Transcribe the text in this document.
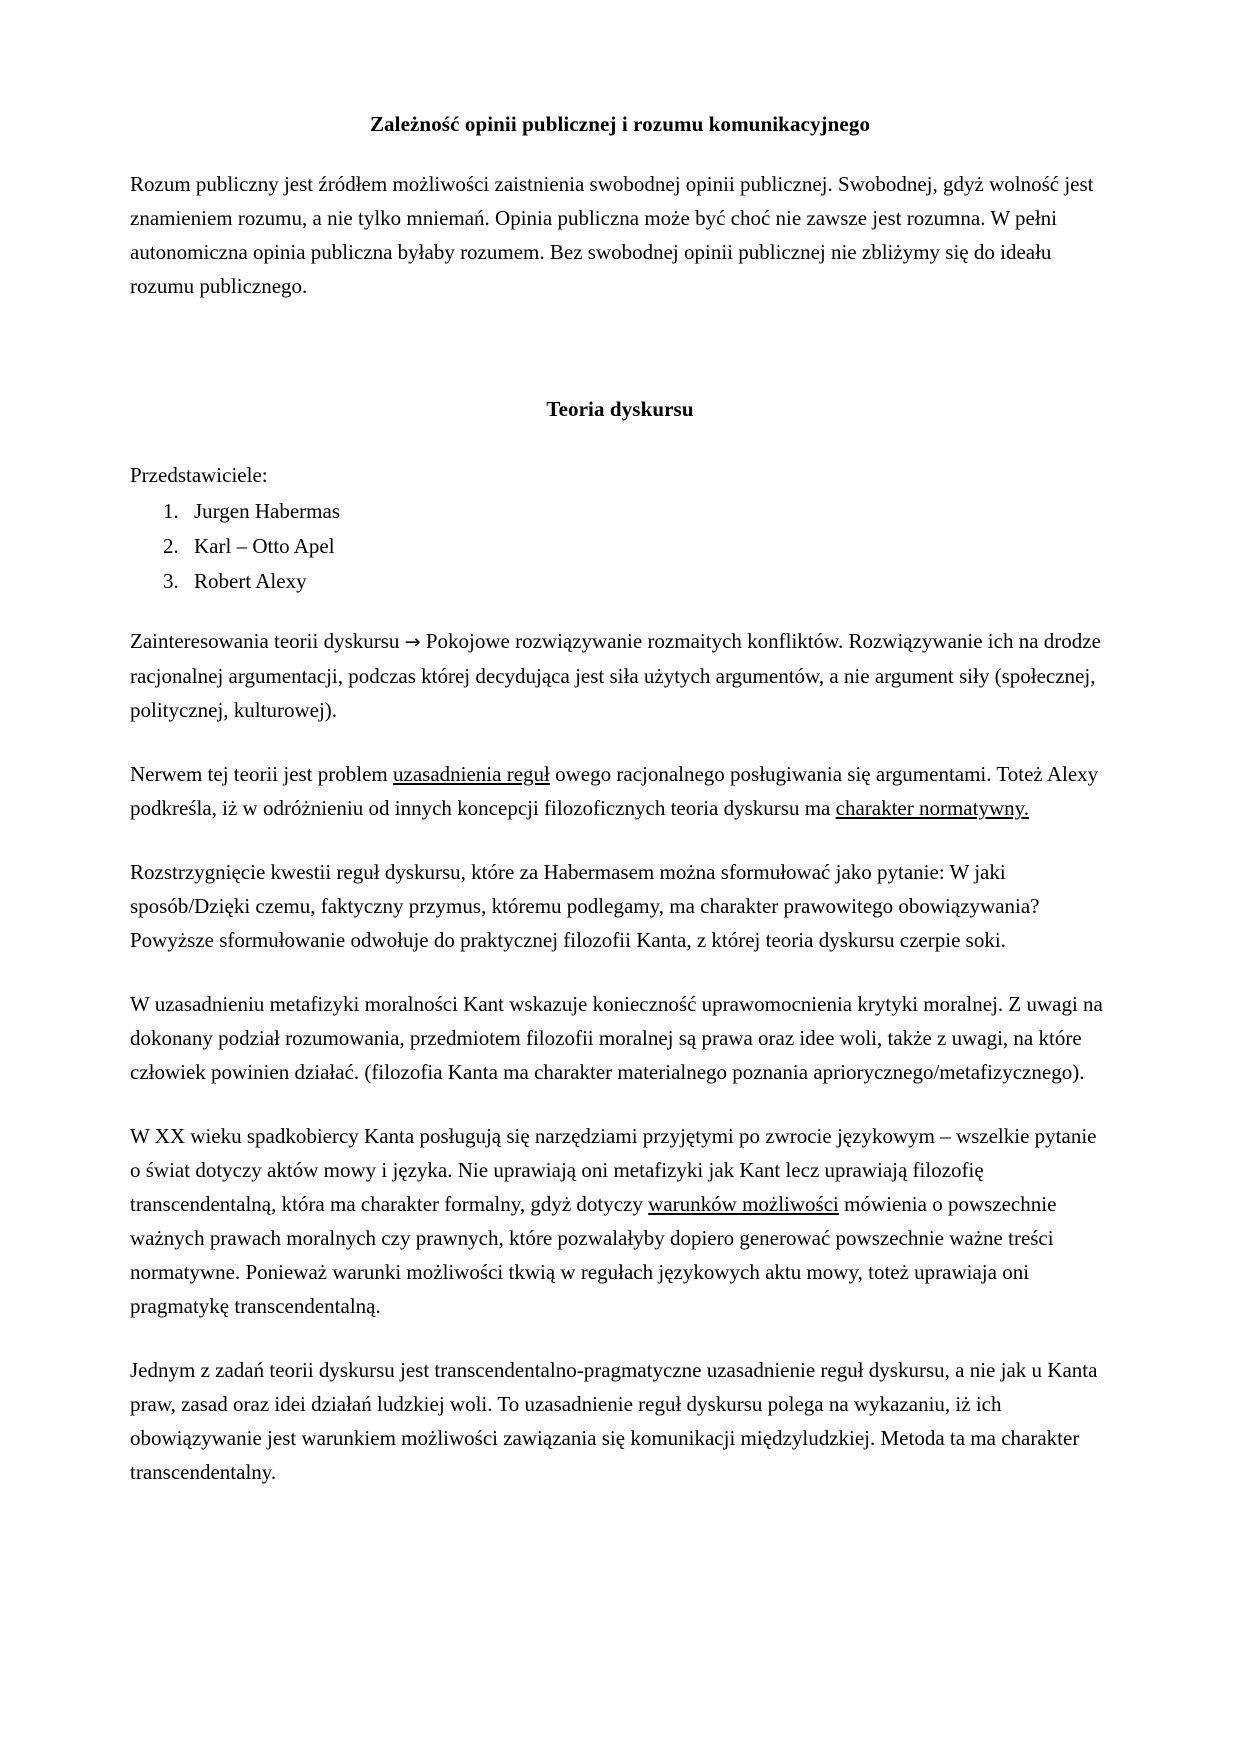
Zależność opinii publicznej i rozumu komunikacyjnego

Rozum publiczny jest źródłem możliwości zaistnienia swobodnej opinii publicznej. Swobodnej, gdyż wolność jest znamieniem rozumu, a nie tylko mniemań. Opinia publiczna może być choć nie zawsze jest rozumna. W pełni autonomiczna opinia publiczna byłaby rozumem. Bez swobodnej opinii publicznej nie zbliżymy się do ideału rozumu publicznego.

Teoria dyskursu

Przedstawiciele:

1. Jurgen Habermas
2. Karl – Otto Apel
3. Robert Alexy

Zainteresowania teorii dyskursu → Pokojowe rozwiązywanie rozmaitych konfliktów. Rozwiązywanie ich na drodze racjonalnej argumentacji, podczas której decydująca jest siła użytych argumentów, a nie argument siły (społecznej, politycznej, kulturowej).

Nerwem tej teorii jest problem uzasadnienia reguł owego racjonalnego posługiwania się argumentami. Toteż Alexy podkreśla, iż w odróżnieniu od innych koncepcji filozoficznych teoria dyskursu ma charakter normatywny.

Rozstrzygnięcie kwestii reguł dyskursu, które za Habermasem można sformułować jako pytanie: W jaki sposób/Dzięki czemu, faktyczny przymus, któremu podlegamy, ma charakter prawowitego obowiązywania? Powyższe sformułowanie odwołuje do praktycznej filozofii Kanta, z której teoria dyskursu czerpie soki.

W uzasadnieniu metafizyki moralności Kant wskazuje konieczność uprawomocnienia krytyki moralnej. Z uwagi na dokonany podział rozumowania, przedmiotem filozofii moralnej są prawa oraz idee woli, także z uwagi, na które człowiek powinien działać. (filozofia Kanta ma charakter materialnego poznania apriorycznego/metafizycznego).

W XX wieku spadkobiercy Kanta posługują się narzędziami przyjętymi po zwrocie językowym – wszelkie pytanie o świat dotyczy aktów mowy i języka. Nie uprawiają oni metafizyki jak Kant lecz uprawiają filozofię transcendentalną, która ma charakter formalny, gdyż dotyczy warunków możliwości mówienia o powszechnie ważnych prawach moralnych czy prawnych, które pozwalałyby dopiero generować powszechnie ważne treści normatywne. Ponieważ warunki możliwości tkwią w regułach językowych aktu mowy, toteż uprawiaja oni pragmatykę transcendentalną.

Jednym z zadań teorii dyskursu jest transcendentalno-pragmatyczne uzasadnienie reguł dyskursu, a nie jak u Kanta praw, zasad oraz idei działań ludzkiej woli. To uzasadnienie reguł dyskursu polega na wykazaniu, iż ich obowiązywanie jest warunkiem możliwości zawiązania się komunikacji międzyludzkiej. Metoda ta ma charakter transcendentalny.
